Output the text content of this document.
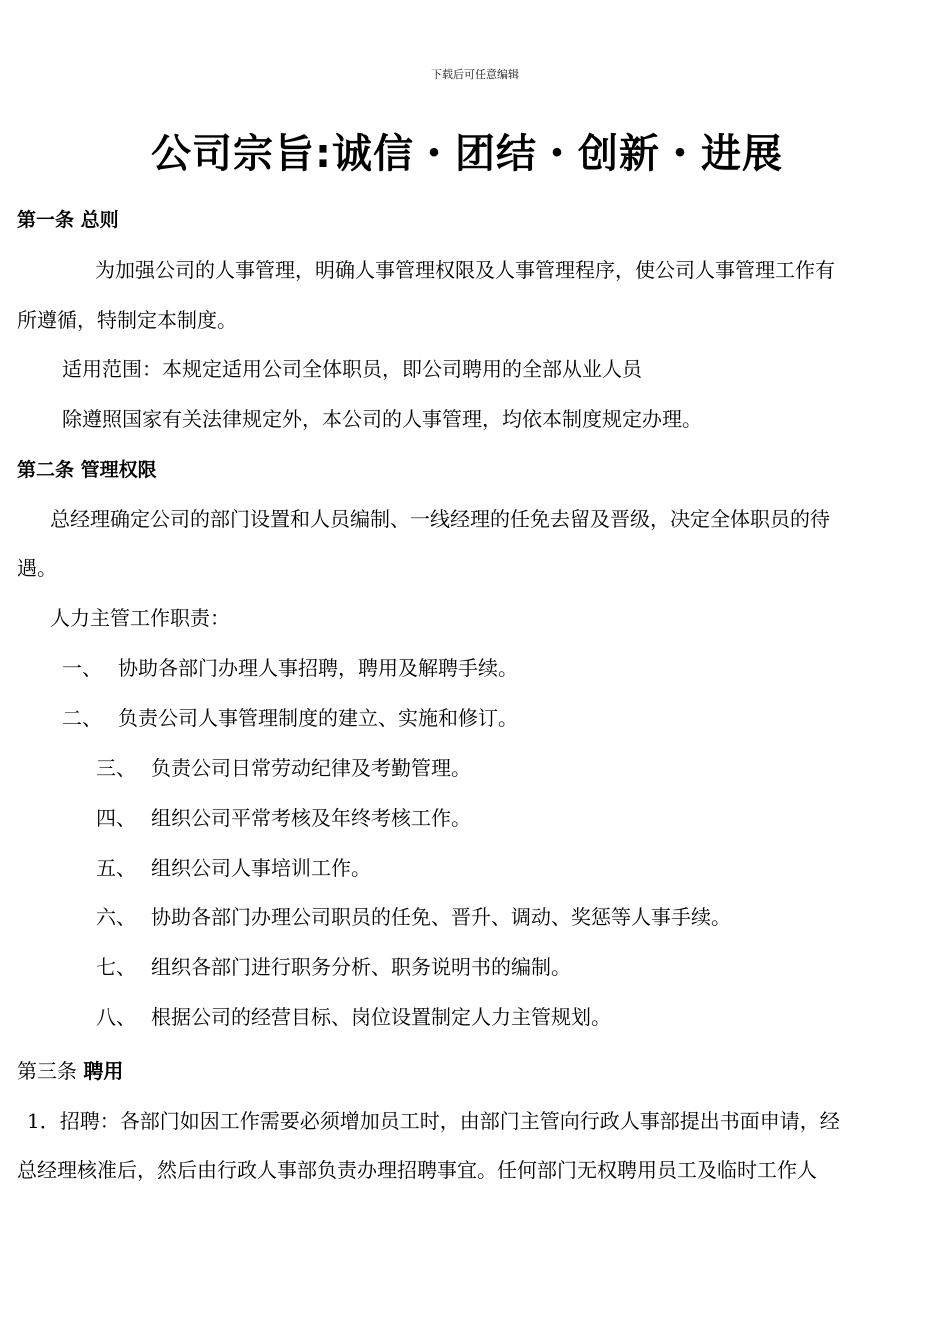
下载后可任意编辑
公司宗旨:诚信・团结・创新・进展
第一条 总则
为加强公司的人事管理，明确人事管理权限及人事管理程序，使公司人事管理工作有
所遵循，特制定本制度。
适用范围：本规定适用公司全体职员，即公司聘用的全部从业人员
除遵照国家有关法律规定外，本公司的人事管理，均依本制度规定办理。
第二条 管理权限
总经理确定公司的部门设置和人员编制、一线经理的任免去留及晋级，决定全体职员的待
遇。
人力主管工作职责：
一、 协助各部门办理人事招聘，聘用及解聘手续。
二、 负责公司人事管理制度的建立、实施和修订。
三、 负责公司日常劳动纪律及考勤管理。
四、 组织公司平常考核及年终考核工作。
五、 组织公司人事培训工作。
六、 协助各部门办理公司职员的任免、晋升、调动、奖惩等人事手续。
七、 组织各部门进行职务分析、职务说明书的编制。
八、 根据公司的经营目标、岗位设置制定人力主管规划。
第三条 聘用
1．招聘：各部门如因工作需要必须增加员工时，由部门主管向行政人事部提出书面申请，经
总经理核准后，然后由行政人事部负责办理招聘事宜。任何部门无权聘用员工及临时工作人
